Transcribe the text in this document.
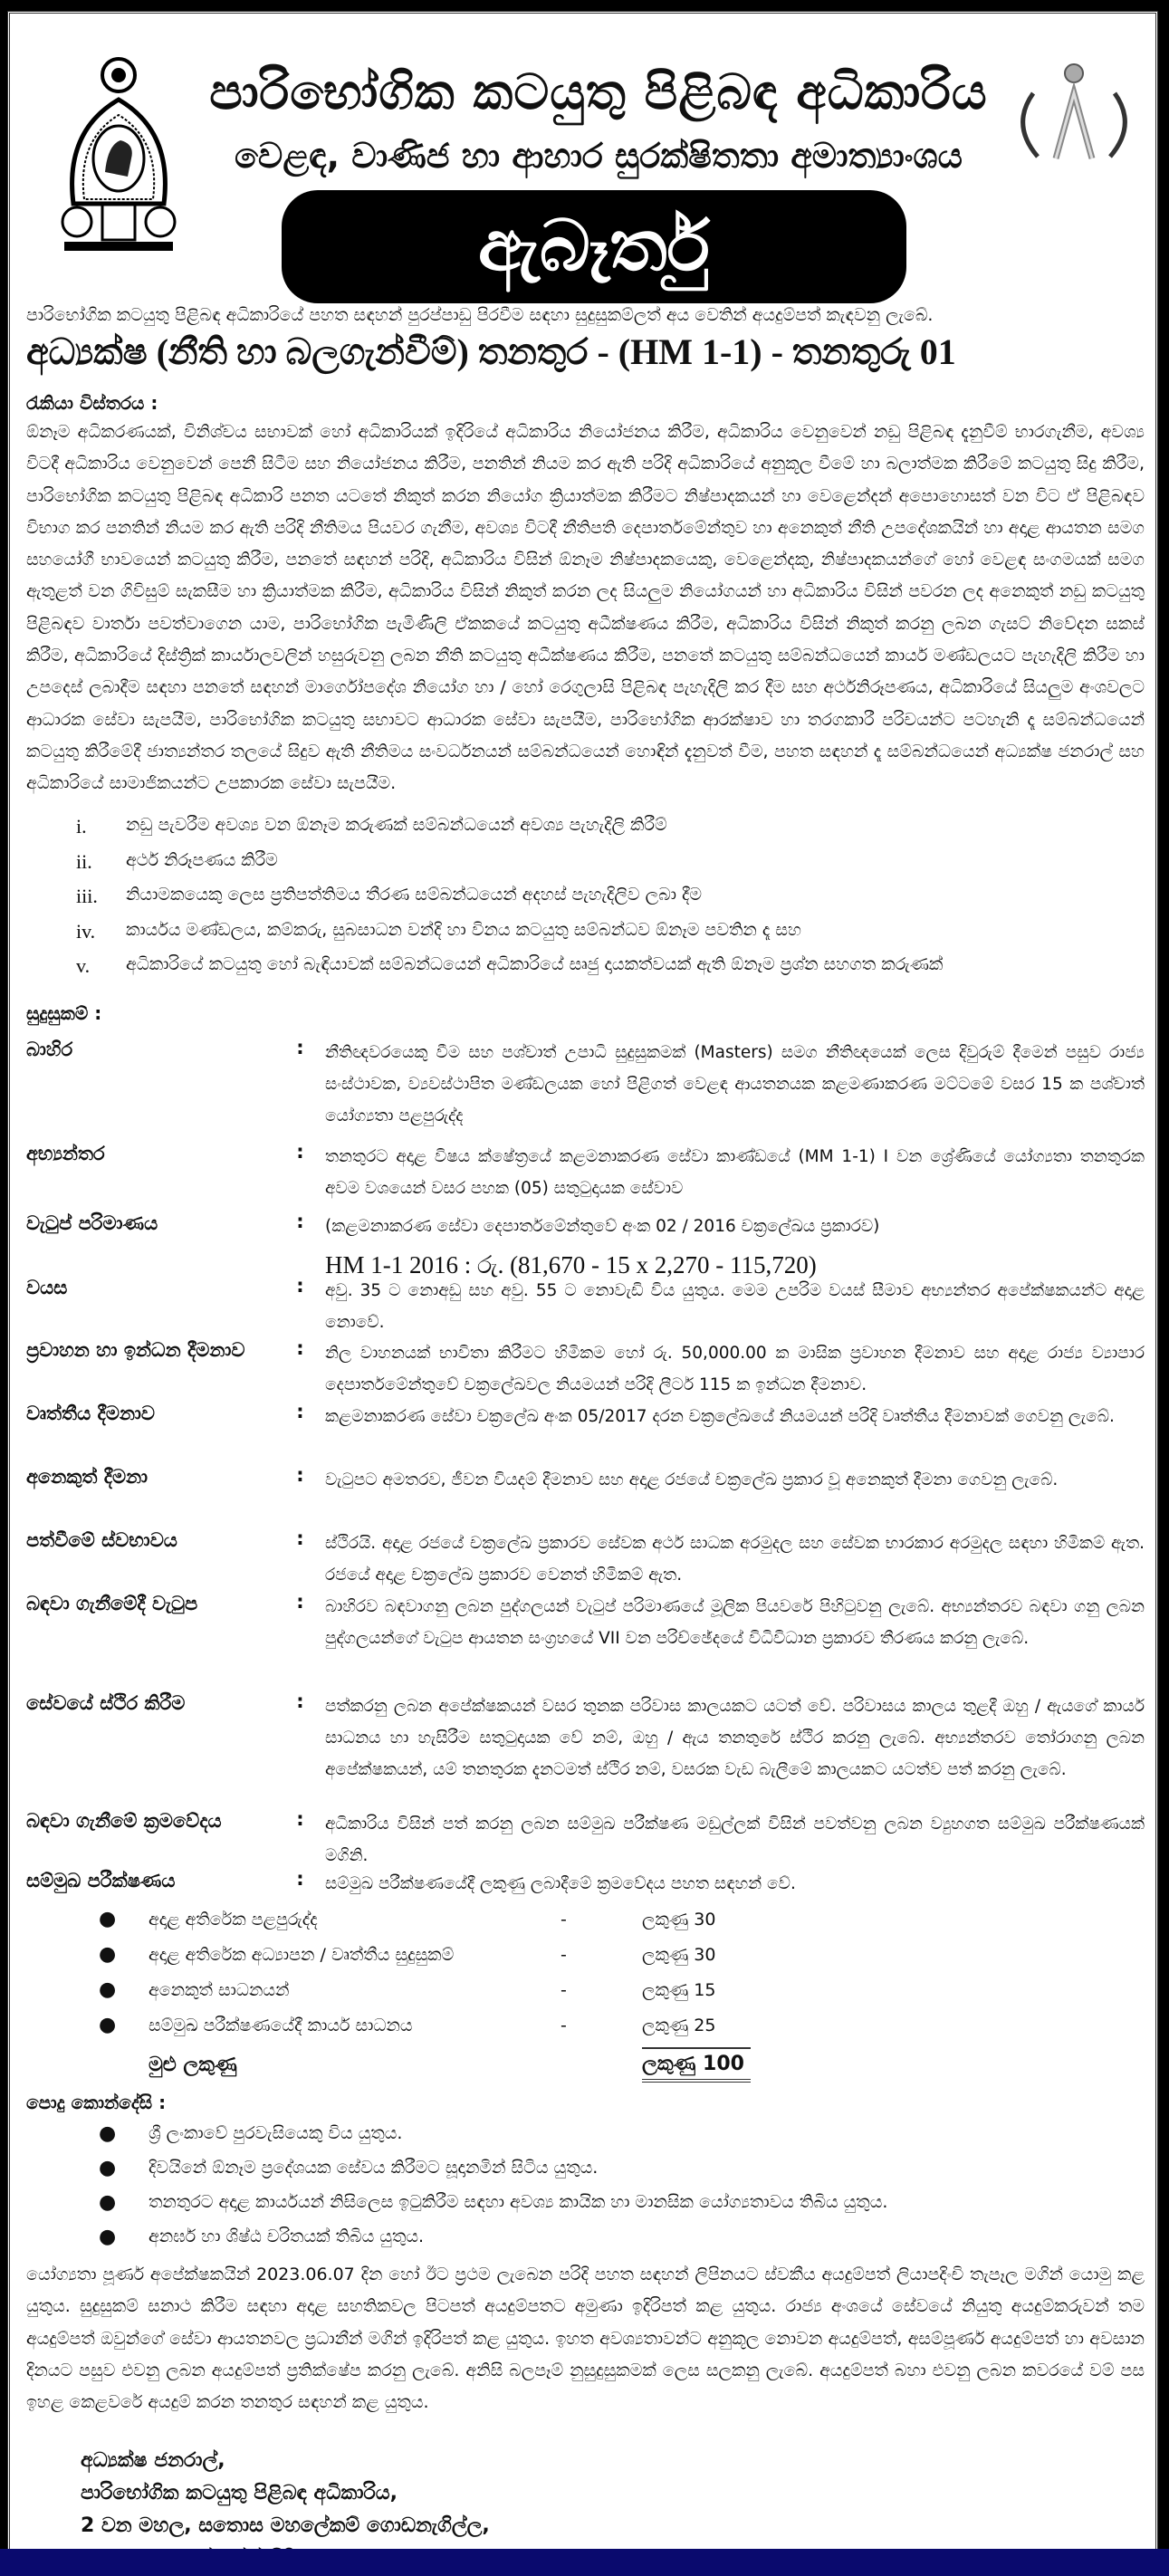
පාරිභෝගික කටයුතු පිළිබඳ අධිකාරිය
වෙළඳ, වාණිජ හා ආහාර සුරක්ෂිතතා අමාත්‍යාංශය
ඇබෑර්තු
පාරිභෝගික කටයුතු පිළිබඳ අධිකාරියේ පහත සඳහන් පුරප්පාඩු පිරවීම සඳහා සුදුසුකම්ලත් අය වෙතින් අයදුම්පත් කැඳවනු ලැබේ.
අධ්‍යක්ෂ (නීති හා බලගැන්වීම්) තනතුර - (HM 1-1) - තනතුරු 01
රැකියා විස්තරය :
ඕනෑම අධිකරණයක්, විනිශ්චය සභාවක් හෝ අධිකාරියක් ඉදිරියේ අධිකාරිය නියෝජනය කිරීම, අධිකාරිය වෙනුවෙන් නඩු පිළිබඳ දැනුවීම් භාරගැනීම, අවශ්‍ය විටදී අධිකාරිය වෙනුවෙන් පෙනී සිටීම සහ නියෝජනය කිරීම, පනතින් නියම කර ඇති පරිදි අධිකාරියේ අනුකූල වීමේ හා බලාත්මක කිරීමේ කටයුතු සිදු කිරීම, පාරිභෝගික කටයුතු පිළිබඳ අධිකාරි පනත යටතේ නිකුත් කරන නියෝග ක්‍රියාත්මක කිරීමට නිෂ්පාදකයන් හා වෙළෙන්දන් අපොහොසත් වන විට ඒ පිළිබඳව විභාග කර පනතින් නියම කර ඇති පරිදි නීතිමය පියවර ගැනීම, අවශ්‍ය විටදී නීතිපති දෙපාර්තමේන්තුව හා අනෙකුත් නීති උපදේශකයින් හා අදාළ ආයතන සමග සහයෝගී භාවයෙන් කටයුතු කිරීම, පනතේ සඳහන් පරිදි, අධිකාරිය විසින් ඕනෑම නිෂ්පාදකයෙකු, වෙළෙන්දකු, නිෂ්පාදකයන්ගේ හෝ වෙළඳ සංගමයක් සමග ඇතුළත් වන ගිවිසුම් සැකසීම හා ක්‍රියාත්මක කිරීම, අධිකාරිය විසින් නිකුත් කරන ලද සියලුම නියෝගයන් හා අධිකාරිය විසින් පවරන ලද අනෙකුත් නඩු කටයුතු පිළිබඳව වාර්තා පවත්වාගෙන යාම, පාරිභෝගික පැමිණිලි ඒකකයේ කටයුතු අධීක්ෂණය කිරීම, අධිකාරිය විසින් නිකුත් කරනු ලබන ගැසට් නිවේදන සකස් කිරීම, අධිකාරියේ දිස්ත්‍රික් කාර්යාලවලින් හසුරුවනු ලබන නීති කටයුතු අධීක්ෂණය කිරීම, පනතේ කටයුතු සම්බන්ධයෙන් කාර්ය මණ්ඩලයට පැහැදිලි කිරීම හා උපදෙස් ලබාදීම සඳහා පනතේ සඳහන් මාර්ගෝපදේශ නියෝග හා / හෝ රෙගුලාසි පිළිබඳ පැහැදිලි කර දීම සහ අර්ථනිරූපණය, අධිකාරියේ සියලුම අංශවලට ආධාරක සේවා සැපයීම, පාරිභෝගික කටයුතු සභාවට ආධාරක සේවා සැපයීම, පාරිභෝගික ආරක්ෂාව හා තරගකාරී පරිචයන්ට පටහැනි දෑ සම්බන්ධයෙන් කටයුතු කිරීමේදී ජාත්‍යන්තර තලයේ සිදුව ඇති නීතිමය සංවර්ධනයන් සම්බන්ධයෙන් හොඳින් දැනුවත් වීම, පහත සඳහන් දෑ සම්බන්ධයෙන් අධ්‍යක්ෂ ජනරාල් සහ අධිකාරියේ සාමාජිකයන්ට උපකාරක සේවා සැපයීම.
i.	නඩු පැවරීම අවශ්‍ය වන ඕනෑම කරුණක් සම්බන්ධයෙන් අවශ්‍ය පැහැදිලි කිරීම්
ii.	අර්ථ නිරූපණය කිරීම
iii.	නියාමකයෙකු ලෙස ප්‍රතිපත්තිමය තීරණ සම්බන්ධයෙන් අදහස් පැහැදිලිව ලබා දීම
iv.	කාර්යය මණ්ඩලය, කම්කරු, සුබසාධන වන්දි හා විනය කටයුතු සම්බන්ධව ඕනෑම පවතින දෑ සහ
v.	අධිකාරියේ කටයුතු හෝ බැඳියාවක් සම්බන්ධයෙන් අධිකාරියේ සෘජු දායකත්වයක් ඇති ඕනෑම ප්‍රශ්න සහගත කරුණක්
සුදුසුකම් :
බාහිර	:	නීතිඥවරයෙකු වීම සහ පශ්චාත් උපාධි සුදුසුකමක් (Masters) සමග නීතිඥයෙක් ලෙස දිවුරුම් දීමෙන් පසුව රාජ්‍ය සංස්ථාවක, ව්‍යවස්ථාපිත මණ්ඩලයක හෝ පිළිගත් වෙළඳ ආයතනයක කළමණාකරණ මට්ටමේ වසර 15 ක පශ්චාත් යෝග්‍යතා පළපුරුද්ද
අභ්‍යන්තර	:	තනතුරට අදාළ විෂය ක්ෂේත්‍රයේ කළමනාකරණ සේවා කාණ්ඩයේ (MM 1-1) I වන ශ්‍රේණියේ යෝග්‍යතා තනතුරක අවම වශයෙන් වසර පහක (05) සතුටුදායක සේවාව
වැටුප් පරිමාණය	:	(කළමනාකරණ සේවා දෙපාර්තමේන්තුවේ අංක 02 / 2016 චක්‍රලේඛය ප්‍රකාරව)
HM 1-1 2016 : රු. (81,670 - 15 x 2,270 - 115,720)
වයස	:	අවු. 35 ට නොඅඩු සහ අවු. 55 ට නොවැඩි විය යුතුය. මෙම උපරිම වයස් සීමාව අභ්‍යන්තර අපේක්ෂකයන්ට අදාළ නොවේ.
ප්‍රවාහන හා ඉන්ධන දීමනාව	:	නිල වාහනයක් භාවිතා කිරීමට හිමිකම හෝ රු. 50,000.00 ක මාසික ප්‍රවාහන දීමනාව සහ අදාළ රාජ්‍ය ව්‍යාපාර දෙපාර්තමේන්තුවේ චක්‍රලේඛවල නියමයන් පරිදි ලීටර් 115 ක ඉන්ධන දීමනාව.
වෘත්තීය දීමනාව	:	කළමනාකරණ සේවා චක්‍රලේඛ අංක 05/2017 දරන චක්‍රලේඛයේ නියමයන් පරිදි වෘත්තීය දීමනාවක් ගෙවනු ලැබේ.
අනෙකුත් දීමනා	:	වැටුපට අමතරව, ජීවන වියදම් දීමනාව සහ අදාළ රජයේ චක්‍රලේඛ ප්‍රකාර වූ අනෙකුත් දීමනා ගෙවනු ලැබේ.
පත්වීමේ ස්වභාවය	:	ස්ථිරයි. අදාළ රජයේ චක්‍රලේඛ ප්‍රකාරව සේවක අර්ථ සාධක අරමුදල සහ සේවක භාරකාර අරමුදල සඳහා හිමිකම් ඇත. රජයේ අදාළ චක්‍රලේඛ ප්‍රකාරව වෙනත් හිමිකම් ඇත.
බඳවා ගැනීමේදී වැටුප	:	බාහිරව බඳවාගනු ලබන පුද්ගලයන් වැටුප් පරිමාණයේ මූලික පියවරේ පිහිටුවනු ලැබේ. අභ්‍යන්තරව බඳවා ගනු ලබන පුද්ගලයන්ගේ වැටුප ආයතන සංග්‍රහයේ VII වන පරිච්ඡේදයේ විධිවිධාන ප්‍රකාරව තීරණය කරනු ලැබේ.
සේවයේ ස්ථිර කිරීම	:	පත්කරනු ලබන අපේක්ෂකයන් වසර තුනක පරිවාස කාලයකට යටත් වේ. පරිවාසය කාලය තුළදී ඔහු / ඇයගේ කාර්ය සාධනය හා හැසිරීම සතුටුදායක වේ නම්, ඔහු / ඇය තනතුරේ ස්ථිර කරනු ලැබේ. අභ්‍යන්තරව තෝරාගනු ලබන අපේක්ෂකයන්, යම් තනතුරක දැනටමත් ස්ථිර නම්, වසරක වැඩ බැලීමේ කාලයකට යටත්ව පත් කරනු ලැබේ.
බඳවා ගැනීමේ ක්‍රමවේදය	:	අධිකාරිය විසින් පත් කරනු ලබන සම්මුඛ පරීක්ෂණ මඩුල්ලක් විසින් පවත්වනු ලබන ව්‍යුහගත සම්මුඛ පරීක්ෂණයක් මගිනි.
සම්මුඛ පරීක්ෂණය	:	සම්මුඛ පරීක්ෂණයේදී ලකුණු ලබාදීමේ ක්‍රමවේදය පහත සඳහන් වේ.
●	අදාළ අතිරේක පළපුරුද්ද	-	ලකුණු 30
●	අදාළ අතිරේක අධ්‍යාපන / වෘත්තීය සුදුසුකම්	-	ලකුණු 30
●	අනෙකුත් සාධනයන්	-	ලකුණු 15
●	සම්මුඛ පරීක්ෂණයේදී කාර්ය සාධනය	-	ලකුණු 25
මුළු ලකුණු	ලකුණු 100
පොදු කොන්දේසි :
●	ශ්‍රී ලංකාවේ පුරවැසියෙකු විය යුතුය.
●	දිවයිනේ ඕනෑම ප්‍රදේශයක සේවය කිරීමට සූදානමින් සිටිය යුතුය.
●	තනතුරට අදාළ කාර්යයන් නිසිලෙස ඉටුකිරීම සඳහා අවශ්‍ය කායික හා මානසික යෝග්‍යතාවය තිබිය යුතුය.
●	අනර්ඝ හා ශිෂ්ඨ චරිතයක් තිබිය යුතුය.
යෝග්‍යතා පූර්ණ අපේක්ෂකයින් 2023.06.07 දින හෝ ඊට ප්‍රථම ලැබෙන පරිදි පහත සඳහන් ලිපිනයට ස්වකීය අයදුම්පත් ලියාපදිංචි තැපෑල මගින් යොමු කළ යුතුය. සුදුසුකම් සනාථ කිරීම සඳහා අදාළ සහතිකවල පිටපත් අයදුම්පතට අමුණා ඉදිරිපත් කළ යුතුය. රාජ්‍ය අංශයේ සේවයේ නියුතු අයදුම්කරුවන් තම අයදුම්පත් ඔවුන්ගේ සේවා ආයතනවල ප්‍රධානීන් මගින් ඉදිරිපත් කළ යුතුය. ඉහත අවශ්‍යතාවන්ට අනුකූල නොවන අයදුම්පත්, අසම්පූර්ණ අයදුම්පත් හා අවසාන දිනයට පසුව එවනු ලබන අයදුම්පත් ප්‍රතික්ෂේප කරනු ලැබේ. අනිසි බලපෑම් නුසුදුසුකමක් ලෙස සලකනු ලැබේ. අයදුම්පත් බහා එවනු ලබන කවරයේ වම් පස ඉහළ කෙළවරේ අයදුම් කරන තනතුර සඳහන් කළ යුතුය.
අධ්‍යක්ෂ ජනරාල්,
පාරිභෝගික කටයුතු පිළිබඳ අධිකාරිය,
2 වන මහල, සතොස මහලේකම් ගොඩනැගිල්ල,
